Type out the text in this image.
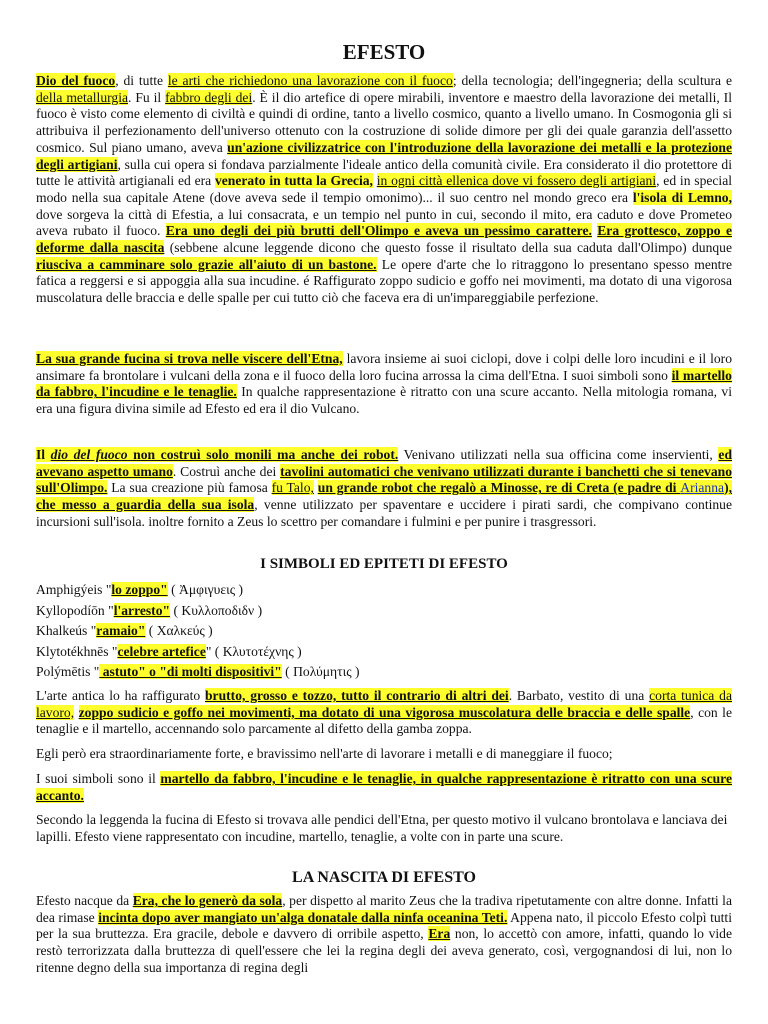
EFESTO

Dio del fuoco, di tutte le arti che richiedono una lavorazione con il fuoco; della tecnologia; dell'ingegneria; della scultura e della metallurgia. Fu il fabbro degli dei. È il dio artefice di opere mirabili, inventore e maestro della lavorazione dei metalli, Il fuoco è visto come elemento di civiltà e quindi di ordine, tanto a livello cosmico, quanto a livello umano. In Cosmogonia gli si attribuiva il perfezionamento dell'universo ottenuto con la costruzione di solide dimore per gli dei quale garanzia dell'assetto cosmico. Sul piano umano, aveva un'azione civilizzatrice con l'introduzione della lavorazione dei metalli e la protezione degli artigiani, sulla cui opera si fondava parzialmente l'ideale antico della comunità civile. Era considerato il dio protettore di tutte le attività artigianali ed era venerato in tutta la Grecia, in ogni città ellenica dove vi fossero degli artigiani, ed in special modo nella sua capitale Atene (dove aveva sede il tempio omonimo)... il suo centro nel mondo greco era l'isola di Lemno, dove sorgeva la città di Efestia, a lui consacrata, e un tempio nel punto in cui, secondo il mito, era caduto e dove Prometeo aveva rubato il fuoco. Era uno degli dei più brutti dell'Olimpo e aveva un pessimo carattere. Era grottesco, zoppo e deforme dalla nascita (sebbene alcune leggende dicono che questo fosse il risultato della sua caduta dall'Olimpo) dunque riusciva a camminare solo grazie all'aiuto di un bastone. Le opere d'arte che lo ritraggono lo presentano spesso mentre fatica a reggersi e si appoggia alla sua incudine. é Raffigurato zoppo sudicio e goffo nei movimenti, ma dotato di una vigorosa muscolatura delle braccia e delle spalle per cui tutto ciò che faceva era di un'impareggiabile perfezione.

La sua grande fucina si trova nelle viscere dell'Etna, lavora insieme ai suoi ciclopi, dove i colpi delle loro incudini e il loro ansimare fa brontolare i vulcani della zona e il fuoco della loro fucina arrossa la cima dell'Etna. I suoi simboli sono il martello da fabbro, l'incudine e le tenaglie. In qualche rappresentazione è ritratto con una scure accanto. Nella mitologia romana, vi era una figura divina simile ad Efesto ed era il dio Vulcano.

Il dio del fuoco non costruì solo monili ma anche dei robot. Venivano utilizzati nella sua officina come inservienti, ed avevano aspetto umano. Costruì anche dei tavolini automatici che venivano utilizzati durante i banchetti che si tenevano sull'Olimpo. La sua creazione più famosa fu Talo, un grande robot che regalò a Minosse, re di Creta (e padre di Arianna), che messo a guardia della sua isola, venne utilizzato per spaventare e uccidere i pirati sardi, che compivano continue incursioni sull'isola. inoltre fornito a Zeus lo scettro per comandare i fulmini e per punire i trasgressori.

I SIMBOLI ED EPITETI DI EFESTO

Amphigýeis "lo zoppo" ( Ἀμφιγυεις )

Kyllopodíōn "l'arresto" ( Κυλλοποδιδν )

Khalkeús "ramaio" ( Χαλκεύς )

Klytotékhnēs "celebre artefice" ( Κλυτοτέχνης )

Polýmētis " astuto" o "di molti dispositivi" ( Πολύμητις )

L'arte antica lo ha raffigurato brutto, grosso e tozzo, tutto il contrario di altri dei. Barbato, vestito di una corta tunica da lavoro, zoppo sudicio e goffo nei movimenti, ma dotato di una vigorosa muscolatura delle braccia e delle spalle, con le tenaglie e il martello, accennando solo parcamente al difetto della gamba zoppa.

Egli però era straordinariamente forte, e bravissimo nell'arte di lavorare i metalli e di maneggiare il fuoco;

I suoi simboli sono il martello da fabbro, l'incudine e le tenaglie, in qualche rappresentazione è ritratto con una scure accanto.

Secondo la leggenda la fucina di Efesto si trovava alle pendici dell'Etna, per questo motivo il vulcano brontolava e lanciava dei lapilli. Efesto viene rappresentato con incudine, martello, tenaglie, a volte con in parte una scure.

LA NASCITA DI EFESTO

Efesto nacque da Era, che lo generò da sola, per dispetto al marito Zeus che la tradiva ripetutamente con altre donne. Infatti la dea rimase incinta dopo aver mangiato un'alga donatale dalla ninfa oceanina Teti. Appena nato, il piccolo Efesto colpì tutti per la sua bruttezza. Era gracile, debole e davvero di orribile aspetto, Era non, lo accettò con amore, infatti, quando lo vide restò terrorizzata dalla bruttezza di quell'essere che lei la regina degli dei aveva generato, così, vergognandosi di lui, non lo ritenne degno della sua importanza di regina degli
